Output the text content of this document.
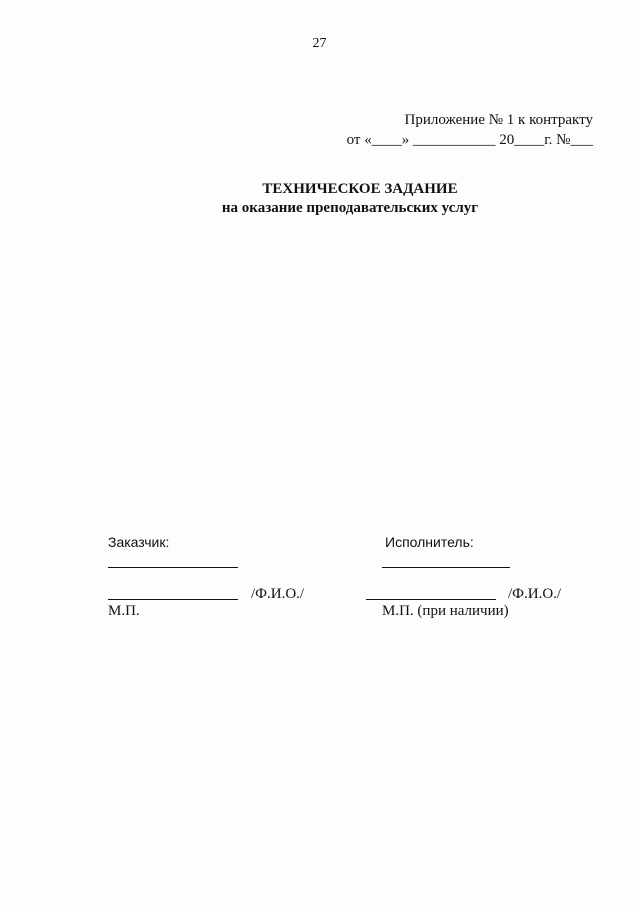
27
Приложение № 1 к контракту
от «____» ___________ 20____г. №___
ТЕХНИЧЕСКОЕ ЗАДАНИЕ
на оказание преподавательских услуг
Заказчик:
/Ф.И.О./
М.П.
Исполнитель:
/Ф.И.О./
М.П. (при наличии)
